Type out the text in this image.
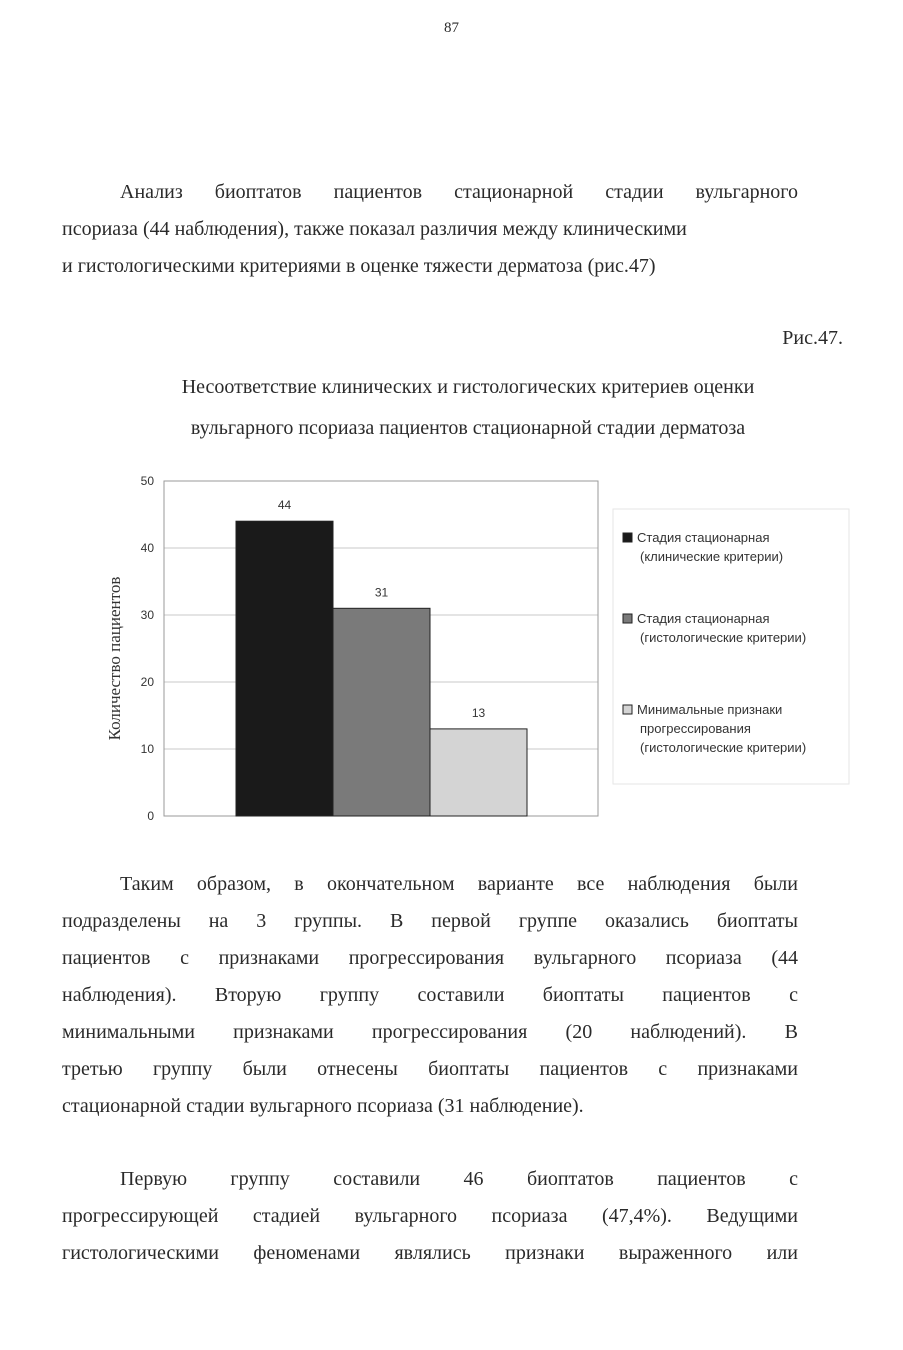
87

Анализ биоптатов пациентов стационарной стадии вульгарного
псориаза (44 наблюдения), также показал различия между клиническими
и гистологическими критериями в оценке тяжести дерматоза (рис.47)

Рис.47.
Несоответствие клинических и гистологических критериев оценки
вульгарного псориаза пациентов стационарной стадии дерматоза
0
10
20
30
40
50
44
31
13
Количество пациентов
Стадия стационарная
(клинические критерии)
Стадия стационарная
(гистологические критерии)
Минимальные признаки
прогрессирования
(гистологические критерии)

Таким образом, в окончательном варианте все наблюдения были
подразделены на 3 группы. В первой группе оказались биоптаты
пациентов с признаками прогрессирования вульгарного псориаза (44
наблюдения). Вторую группу составили биоптаты пациентов с
минимальными признаками прогрессирования (20 наблюдений). В
третью группу были отнесены биоптаты пациентов с признаками
стационарной стадии вульгарного псориаза (31 наблюдение).

Первую группу составили 46 биоптатов пациентов с
прогрессирующей стадией вульгарного псориаза (47,4%). Ведущими
гистологическими феноменами являлись признаки выраженного или
